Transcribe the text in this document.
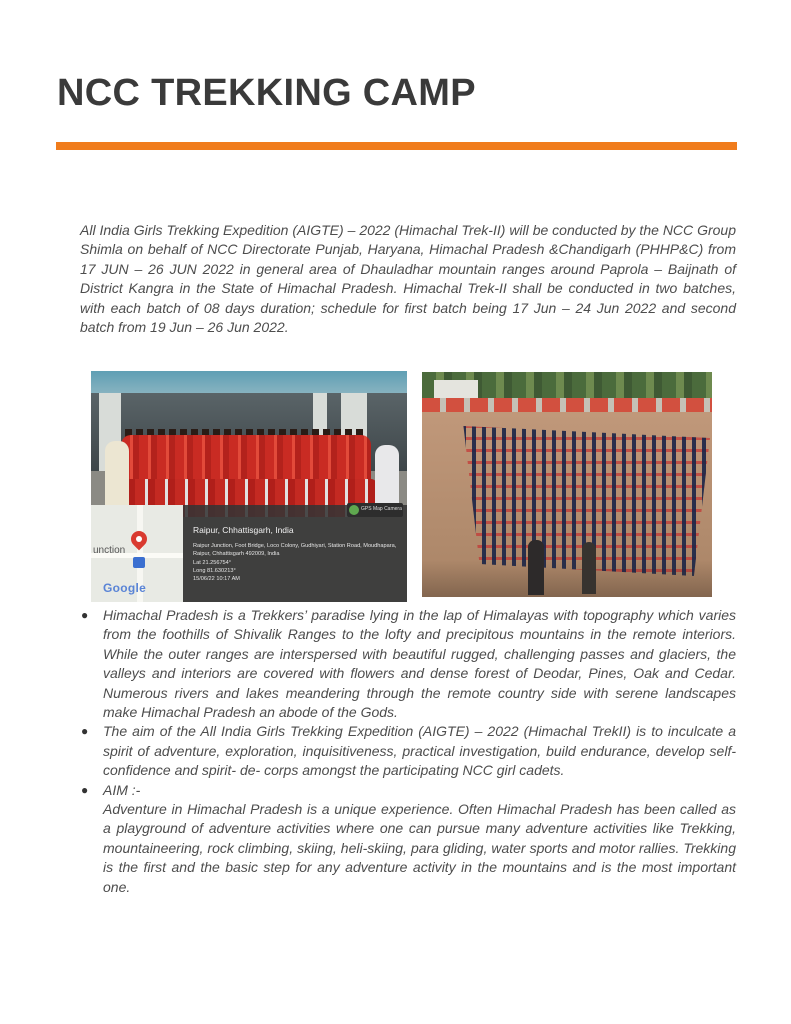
NCC TREKKING CAMP

All India Girls Trekking Expedition (AIGTE) – 2022 (Himachal Trek-II) will be conducted by the NCC Group Shimla on behalf of NCC Directorate Punjab, Haryana, Himachal Pradesh &Chandigarh (PHHP&C) from 17 JUN – 26 JUN 2022 in general area of Dhauladhar mountain ranges around Paprola – Baijnath of District Kangra in the State of Himachal Pradesh. Himachal Trek-II shall be conducted in two batches, with each batch of 08 days duration; schedule for first batch being 17 Jun – 24 Jun 2022 and second batch from 19 Jun – 26 Jun 2022.

unction
Google
GPS Map Camera
Raipur, Chhattisgarh, India
Raipur Junction, Foot Bridge, Loco Colony, Gudhiyari, Station Road, Moudhapara, Raipur, Chhattisgarh 492009, India
Lat 21.256754°
Long 81.630213°
15/06/22 10:17 AM
● Himachal Pradesh is a Trekkers’ paradise lying in the lap of Himalayas with topography which varies from the foothills of Shivalik Ranges to the lofty and precipitous mountains in the remote interiors. While the outer ranges are interspersed with beautiful rugged, challenging passes and glaciers, the valleys and interiors are covered with flowers and dense forest of Deodar, Pines, Oak and Cedar. Numerous rivers and lakes meandering through the remote country side with serene landscapes make Himachal Pradesh an abode of the Gods.

● The aim of the All India Girls Trekking Expedition (AIGTE) – 2022 (Himachal TrekII) is to inculcate a spirit of adventure, exploration, inquisitiveness, practical investigation, build endurance, develop self-confidence and spirit- de- corps amongst the participating NCC girl cadets.

● AIM :-

Adventure in Himachal Pradesh is a unique experience. Often Himachal Pradesh has been called as a playground of adventure activities where one can pursue many adventure activities like Trekking, mountaineering, rock climbing, skiing, heli-skiing, para gliding, water sports and motor rallies. Trekking is the first and the basic step for any adventure activity in the mountains and is the most important one.
